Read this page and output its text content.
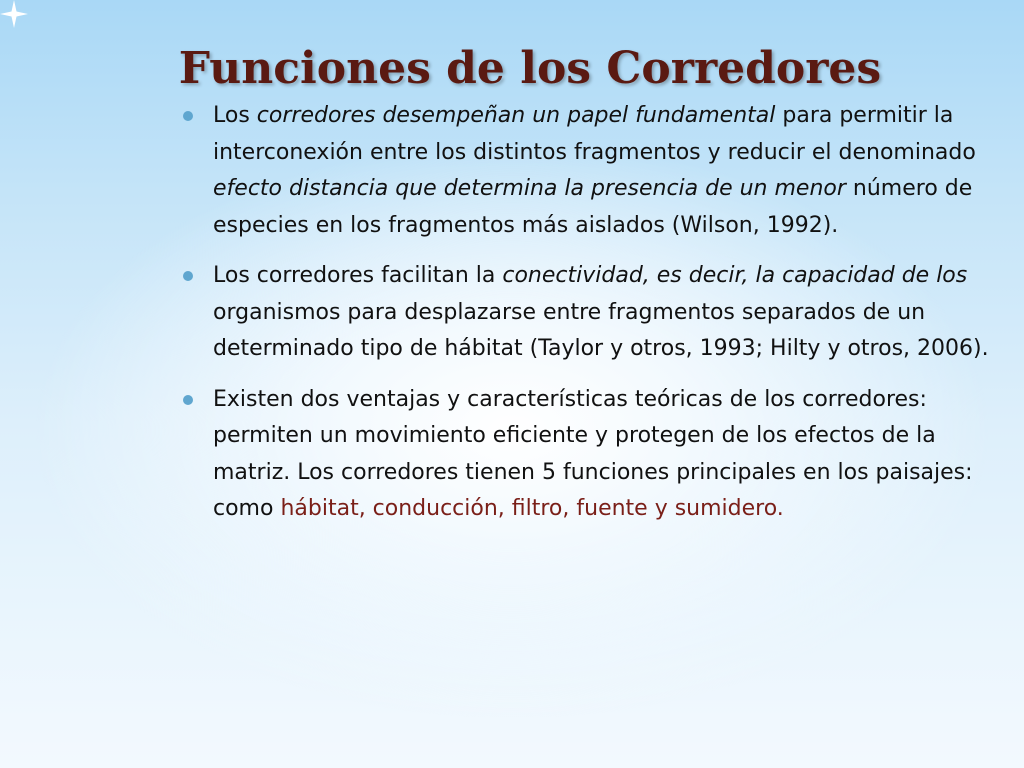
Funciones de los Corredores
Los corredores desempeñan un papel fundamental para permitir la interconexión entre los distintos fragmentos y reducir el denominado efecto distancia que determina la presencia de un menor número de especies en los fragmentos más aislados (Wilson, 1992).
Los corredores facilitan la conectividad, es decir, la capacidad de los organismos para desplazarse entre fragmentos separados de un determinado tipo de hábitat (Taylor y otros, 1993; Hilty y otros, 2006).
Existen dos ventajas y características teóricas de los corredores: permiten un movimiento eficiente y protegen de los efectos de la matriz. Los corredores tienen 5 funciones principales en los paisajes: como hábitat, conducción, filtro, fuente y sumidero.
